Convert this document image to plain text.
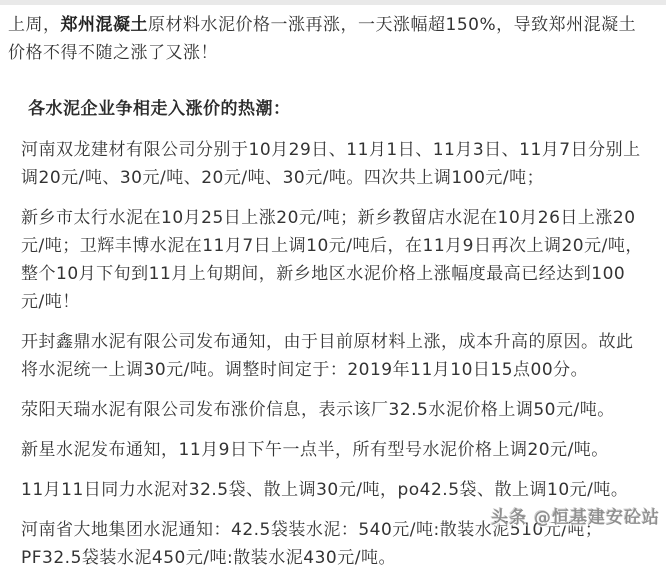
上周，郑州混凝土原材料水泥价格一涨再涨，一天涨幅超150%，导致郑州混凝土价格不得不随之涨了又涨！

各水泥企业争相走入涨价的热潮：

河南双龙建材有限公司分别于10月29日、11月1日、11月3日、11月7日分别上调20元/吨、30元/吨、20元/吨、30元/吨。四次共上调100元/吨；

新乡市太行水泥在10月25日上涨20元/吨；新乡教留店水泥在10月26日上涨20元/吨；卫辉丰博水泥在11月7日上调10元/吨后，在11月9日再次上调20元/吨，整个10月下旬到11月上旬期间，新乡地区水泥价格上涨幅度最高已经达到100元/吨！

开封鑫鼎水泥有限公司发布通知，由于目前原材料上涨，成本升高的原因。故此将水泥统一上调30元/吨。调整时间定于：2019年11月10日15点00分。

荥阳天瑞水泥有限公司发布涨价信息，表示该厂32.5水泥价格上调50元/吨。

新星水泥发布通知，11月9日下午一点半，所有型号水泥价格上调20元/吨。

11月11日同力水泥对32.5袋、散上调30元/吨，po42.5袋、散上调10元/吨。

河南省大地集团水泥通知：42.5袋装水泥：540元/吨:散装水泥510元/吨；PF32.5袋装水泥450元/吨:散装水泥430元/吨。

头条 @恒基建安砼站
